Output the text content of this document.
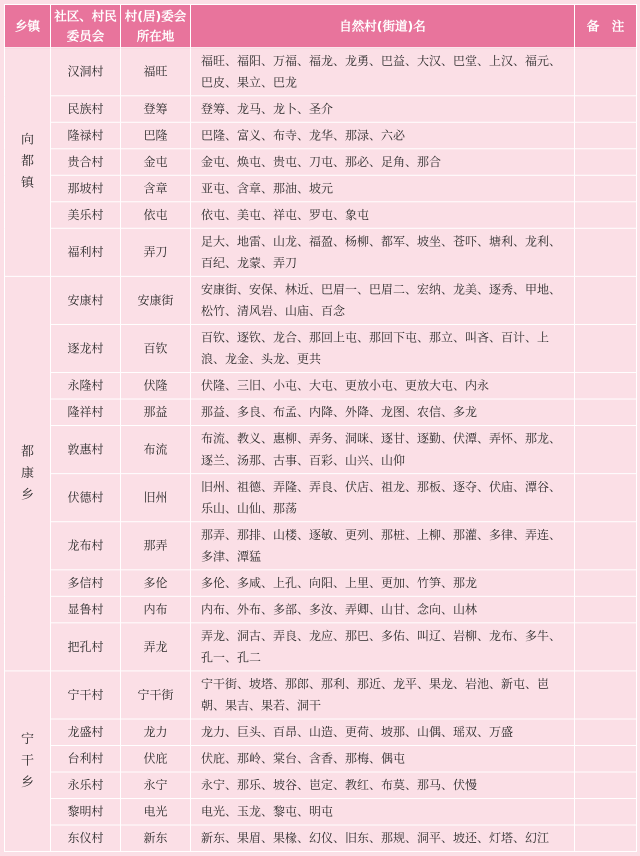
乡镇	社区、村民委员会	村(居)委会所在地	自然村(街道)名	备　注

向都镇	汉洞村	福旺	福旺、福阳、万福、福龙、龙勇、巴益、大汉、巴堂、上汉、福元、巴皮、果立、巴龙	
	民族村	登筹	登筹、龙马、龙卜、圣介	
	隆禄村	巴隆	巴隆、富义、布寺、龙华、那渌、六必	
	贵合村	金屯	金屯、焕屯、贵屯、刀屯、那必、足角、那合	
	那坡村	含章	亚屯、含章、那油、坡元	
	美乐村	依屯	依屯、美屯、祥屯、罗屯、象屯	
	福利村	弄刀	足大、地雷、山龙、福盈、杨柳、都军、坡坐、苍吓、塘利、龙利、百纪、龙蒙、弄刀	

都康乡	安康村	安康街	安康街、安保、林近、巴眉一、巴眉二、宏纳、龙美、逐秀、甲地、松竹、清风岩、山庙、百念	
	逐龙村	百钦	百钦、逐钦、龙合、那回上屯、那回下屯、那立、叫吝、百计、上浪、龙金、头龙、更共	
	永隆村	伏隆	伏隆、三旧、小屯、大屯、更放小屯、更放大屯、内永	
	隆祥村	那益	那益、多良、布孟、内降、外降、龙图、农信、多龙	
	敦惠村	布流	布流、教义、惠柳、弄务、洞咪、逐甘、逐勤、伏潭、弄怀、那龙、逐兰、汤那、古事、百彩、山兴、山仰	
	伏德村	旧州	旧州、祖德、弄隆、弄良、伏店、祖龙、那板、逐夺、伏庙、潭谷、乐山、山仙、那荡	
	龙布村	那弄	那弄、那排、山楼、逐敏、更列、那桩、上柳、那灌、多律、弄连、多津、潭猛	
	多信村	多伦	多伦、多咸、上孔、向阳、上里、更加、竹笋、那龙	
	显鲁村	内布	内布、外布、多部、多汝、弄卿、山甘、念向、山林	
	把孔村	弄龙	弄龙、洞古、弄良、龙应、那巴、多佑、叫辽、岩柳、龙布、多牛、孔一、孔二	

宁干乡	宁干村	宁干街	宁干街、坡塔、那郎、那利、那近、龙平、果龙、岩池、新屯、岜朝、果吉、果若、洞干	
	龙盛村	龙力	龙力、巨头、百昂、山造、更荷、坡那、山偶、瑶双、万盛	
	台利村	伏庇	伏庇、那岭、棠台、含香、那梅、偶屯	
	永乐村	永宁	永宁、那乐、坡谷、岜定、教红、布莫、那马、伏慢	
	黎明村	电光	电光、玉龙、黎屯、明屯	
	东仪村	新东	新东、果眉、果椽、幻仪、旧东、那规、洞平、坡还、灯塔、幻江	
